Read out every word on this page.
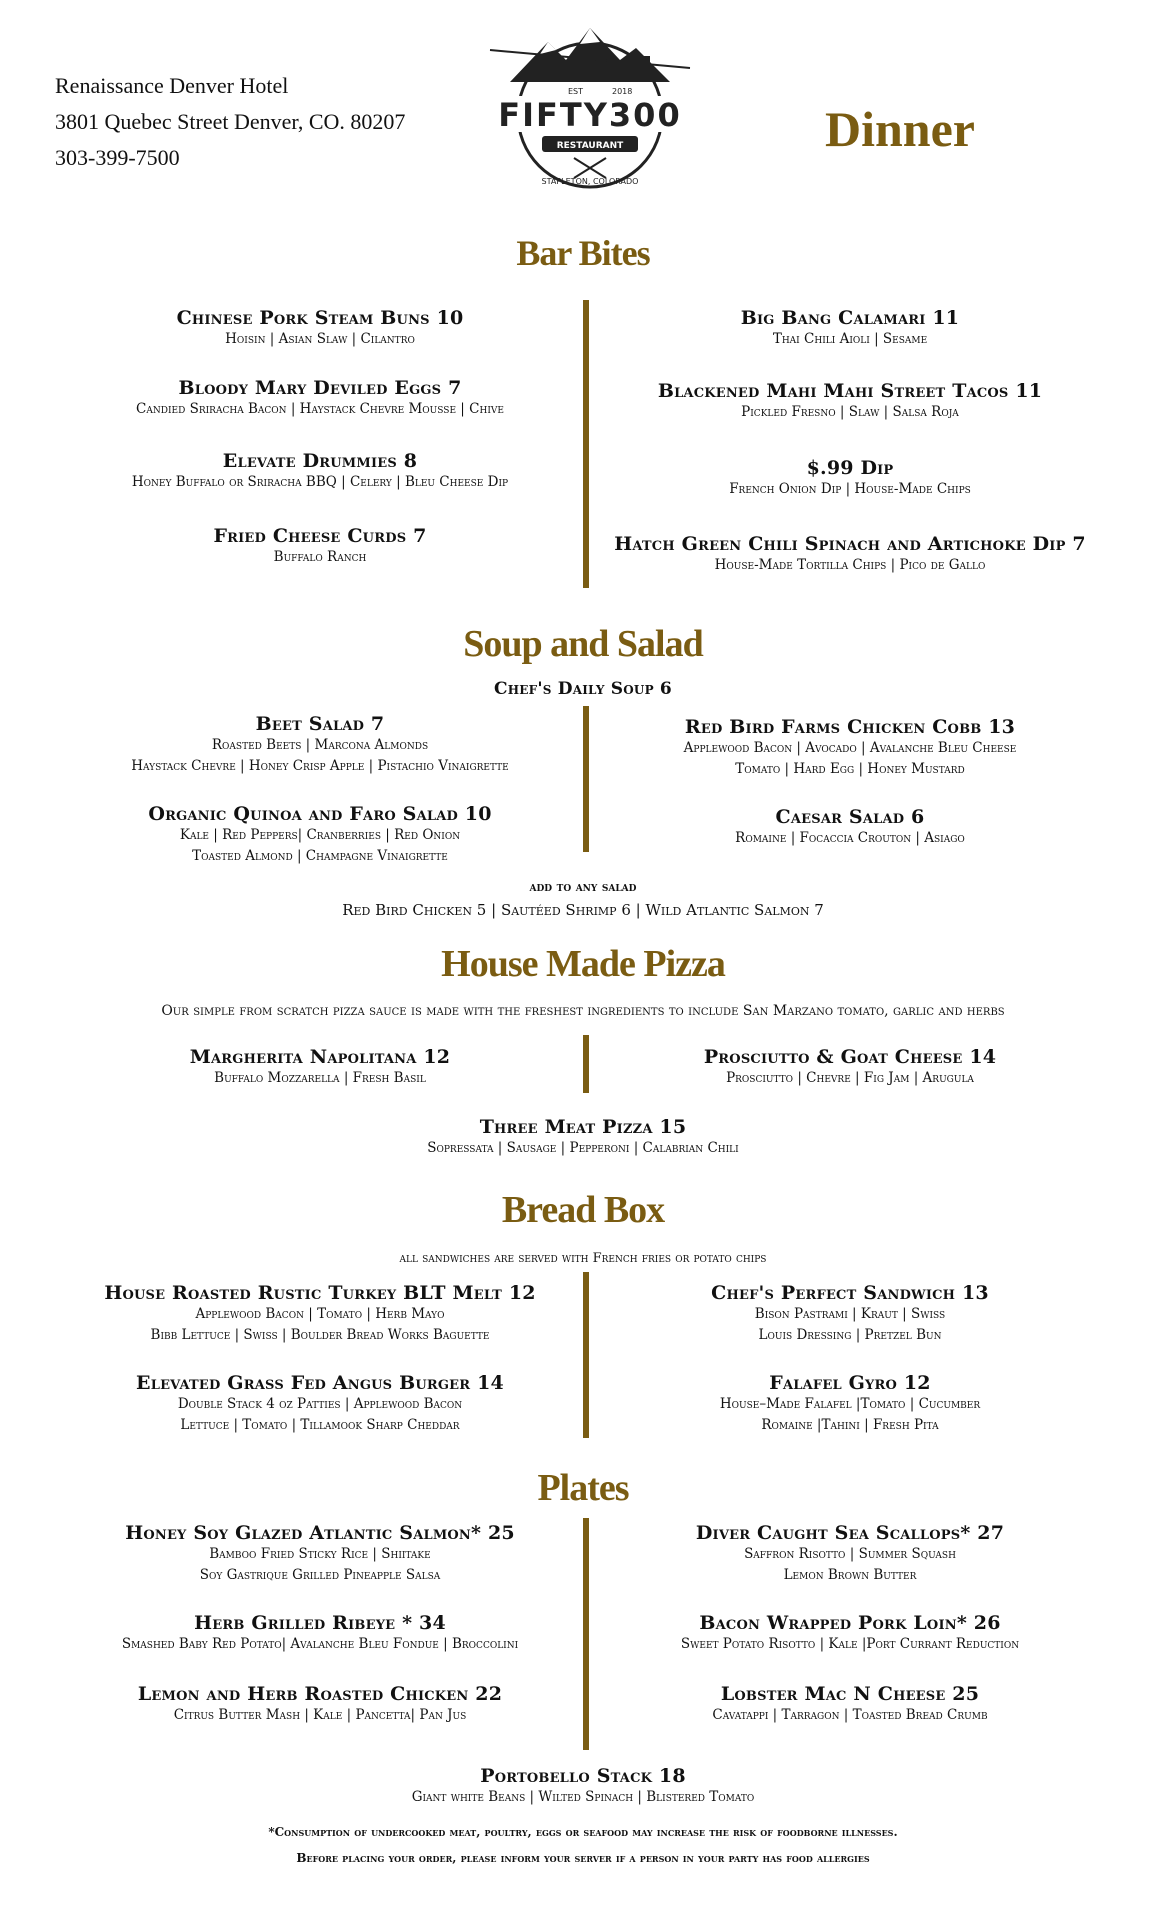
Renaissance Denver Hotel
3801 Quebec Street Denver, CO. 80207
303-399-7500
EST	2018
FIFTY300
RESTAURANT
STAPLETON, COLORADO
Dinner
Bar Bites
Chinese Pork Steam Buns 10
Hoisin | Asian Slaw | Cilantro
Bloody Mary Deviled Eggs 7
Candied Sriracha Bacon | Haystack Chevre Mousse | Chive
Elevate Drummies 8
Honey Buffalo or Sriracha BBQ | Celery | Bleu Cheese Dip
Fried Cheese Curds 7
Buffalo Ranch
Big Bang Calamari 11
Thai Chili Aioli | Sesame
Blackened Mahi Mahi Street Tacos 11
Pickled Fresno | Slaw | Salsa Roja
$.99 Dip
French Onion Dip | House-Made Chips
Hatch Green Chili Spinach and Artichoke Dip 7
House-Made Tortilla Chips | Pico de Gallo
Soup and Salad
Chef's Daily Soup 6
Beet Salad 7
Roasted Beets | Marcona Almonds
Haystack Chevre | Honey Crisp Apple | Pistachio Vinaigrette
Organic Quinoa and Faro Salad 10
Kale | Red Peppers| Cranberries | Red Onion
Toasted Almond | Champagne Vinaigrette
Red Bird Farms Chicken Cobb 13
Applewood Bacon | Avocado | Avalanche Bleu Cheese
Tomato | Hard Egg | Honey Mustard
Caesar Salad 6
Romaine | Focaccia Crouton | Asiago
add to any salad
Red Bird Chicken 5 | Sautéed Shrimp 6 | Wild Atlantic Salmon 7
House Made Pizza
Our simple from scratch pizza sauce is made with the freshest ingredients to include San Marzano tomato, garlic and herbs
Margherita Napolitana 12
Buffalo Mozzarella | Fresh Basil
Prosciutto & Goat Cheese 14
Prosciutto | Chevre | Fig Jam | Arugula
Three Meat Pizza 15
Sopressata | Sausage | Pepperoni | Calabrian Chili
Bread Box
all sandwiches are served with French fries or potato chips
House Roasted Rustic Turkey BLT Melt 12
Applewood Bacon | Tomato | Herb Mayo
Bibb Lettuce | Swiss | Boulder Bread Works Baguette
Elevated Grass Fed Angus Burger 14
Double Stack 4 oz Patties | Applewood Bacon
Lettuce | Tomato | Tillamook Sharp Cheddar
Chef's Perfect Sandwich 13
Bison Pastrami | Kraut | Swiss
Louis Dressing | Pretzel Bun
Falafel Gyro 12
House–Made Falafel |Tomato | Cucumber
Romaine |Tahini | Fresh Pita
Plates
Honey Soy Glazed Atlantic Salmon* 25
Bamboo Fried Sticky Rice | Shiitake
Soy Gastrique Grilled Pineapple Salsa
Herb Grilled Ribeye * 34
Smashed Baby Red Potato| Avalanche Bleu Fondue | Broccolini
Lemon and Herb Roasted Chicken 22
Citrus Butter Mash | Kale | Pancetta| Pan Jus
Diver Caught Sea Scallops* 27
Saffron Risotto | Summer Squash
Lemon Brown Butter
Bacon Wrapped Pork Loin* 26
Sweet Potato Risotto | Kale |Port Currant Reduction
Lobster Mac N Cheese 25
Cavatappi | Tarragon | Toasted Bread Crumb
Portobello Stack 18
Giant white Beans | Wilted Spinach | Blistered Tomato
*Consumption of undercooked meat, poultry, eggs or seafood may increase the risk of foodborne illnesses.
Before placing your order, please inform your server if a person in your party has food allergies
